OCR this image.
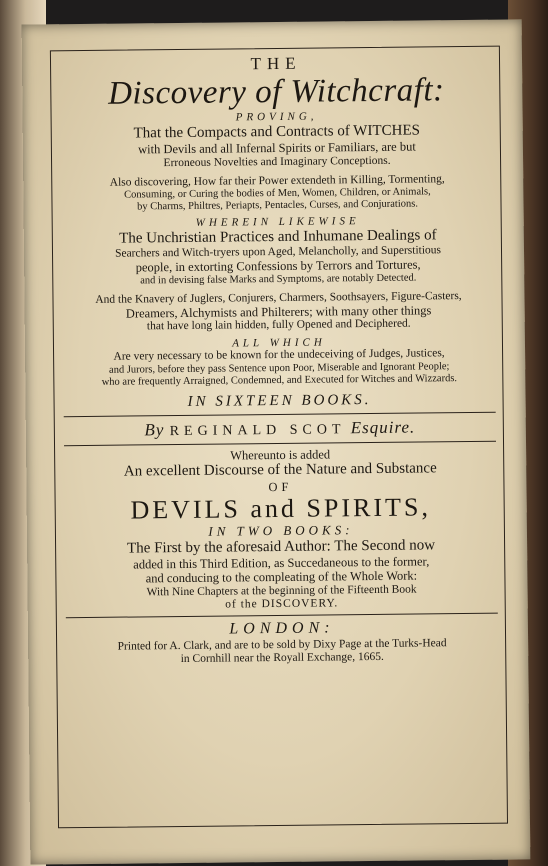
THE
Discovery of Witchcraft:
PROVING,
That the Compacts and Contracts of WITCHES
with Devils and all Infernal Spirits or Familiars, are but
Erroneous Novelties and Imaginary Conceptions.
Also discovering, How far their Power extendeth in Killing, Tormenting,
Consuming, or Curing the bodies of Men, Women, Children, or Animals,
by Charms, Philtres, Periapts, Pentacles, Curses, and Conjurations.
WHEREIN LIKEWISE
The Unchristian Practices and Inhumane Dealings of
Searchers and Witch-tryers upon Aged, Melancholly, and Superstitious
people, in extorting Confessions by Terrors and Tortures,
and in devising false Marks and Symptoms, are notably Detected.
And the Knavery of Juglers, Conjurers, Charmers, Soothsayers, Figure-Casters,
Dreamers, Alchymists and Philterers; with many other things
that have long lain hidden, fully Opened and Deciphered.
ALL WHICH
Are very necessary to be known for the undeceiving of Judges, Justices,
and Jurors, before they pass Sentence upon Poor, Miserable and Ignorant People;
who are frequently Arraigned, Condemned, and Executed for Witches and Wizzards.
IN SIXTEEN BOOKS.
By REGINALD SCOT Esquire.
Whereunto is added
An excellent Discourse of the Nature and Substance
OF
DEVILS and SPIRITS,
IN TWO BOOKS:
The First by the aforesaid Author: The Second now
added in this Third Edition, as Succedaneous to the former,
and conducing to the compleating of the Whole Work:
With Nine Chapters at the beginning of the Fifteenth Book
of the DISCOVERY.
LONDON:
Printed for A. Clark, and are to be sold by Dixy Page at the Turks-Head
in Cornhill near the Royall Exchange, 1665.
